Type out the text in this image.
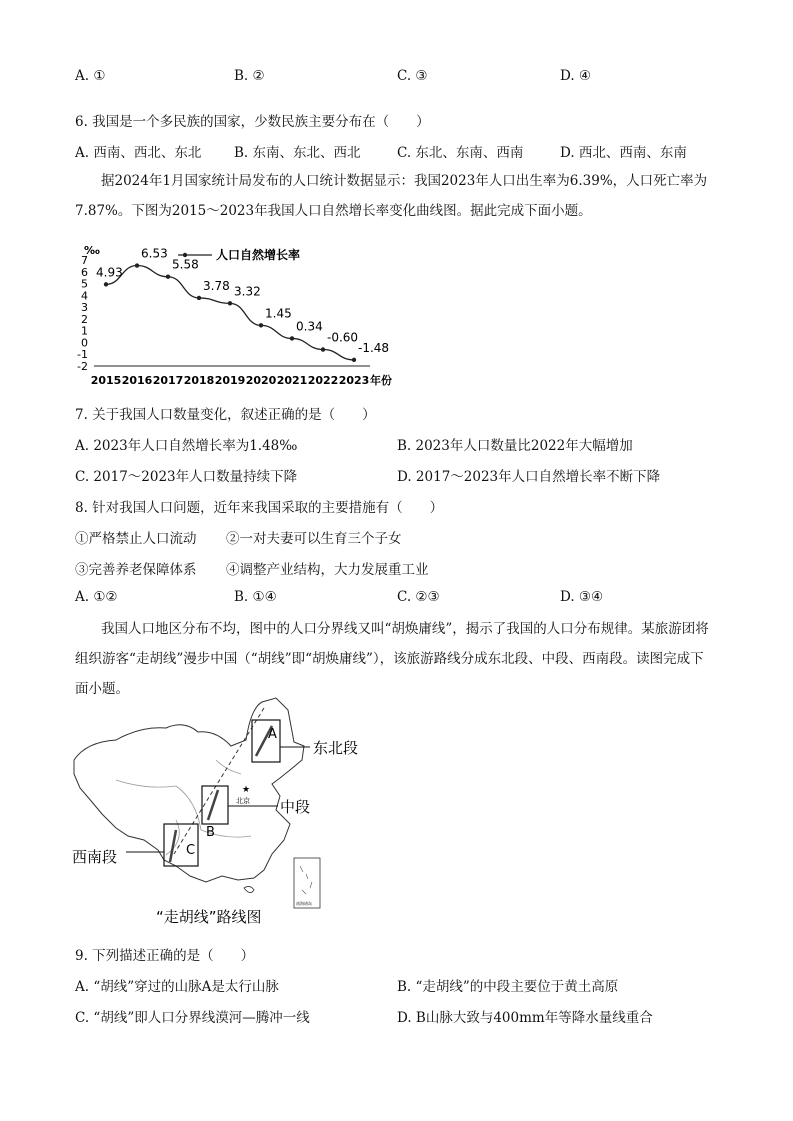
A. ①	B. ②	C. ③	D. ④
6. 我国是一个多民族的国家，少数民族主要分布在（　　）
A. 西南、西北、东北 B. 东南、东北、西北	C. 东北、东南、西南	D. 西北、西南、东南
据2024年1月国家统计局发布的人口统计数据显示：我国2023年人口出生率为6.39%，人口死亡率为7.87%。下图为2015～2023年我国人口自然增长率变化曲线图。据此完成下面小题。
‰
7
6
5
4
3
2
1
0
-1
-2
2015 2016 2017 2018 2019 2020 2021 2022 2023
4.93
6.53
5.58
3.78 3.32
1.45
0.34
-0.60
-1.48
人口自然增长率
年份
7. 关于我国人口数量变化，叙述正确的是（　　）
A. 2023年人口自然增长率为1.48‰	B. 2023年人口数量比2022年大幅增加
C. 2017～2023年人口数量持续下降	D. 2017～2023年人口自然增长率不断下降
8. 针对我国人口问题，近年来我国采取的主要措施有（　　）
①严格禁止人口流动 ②一对夫妻可以生育三个子女
③完善养老保障体系 ④调整产业结构，大力发展重工业
A. ①②	B. ①④	C. ②③	D. ③④
我国人口地区分布不均，图中的人口分界线又叫“胡焕庸线”，揭示了我国的人口分布规律。某旅游团将组织游客“走胡线”漫步中国（“胡线”即“胡焕庸线”），该旅游路线分成东北段、中段、西南段。读图完成下面小题。
A
东北段
B
★
北京 中段
C
西南段
南海诸岛
“走胡线”路线图
9. 下列描述正确的是（　　）
A. “胡线”穿过的山脉A是太行山脉	B. “走胡线”的中段主要位于黄土高原
C. “胡线”即人口分界线漠河—腾冲一线	D. B山脉大致与400mm年等降水量线重合
